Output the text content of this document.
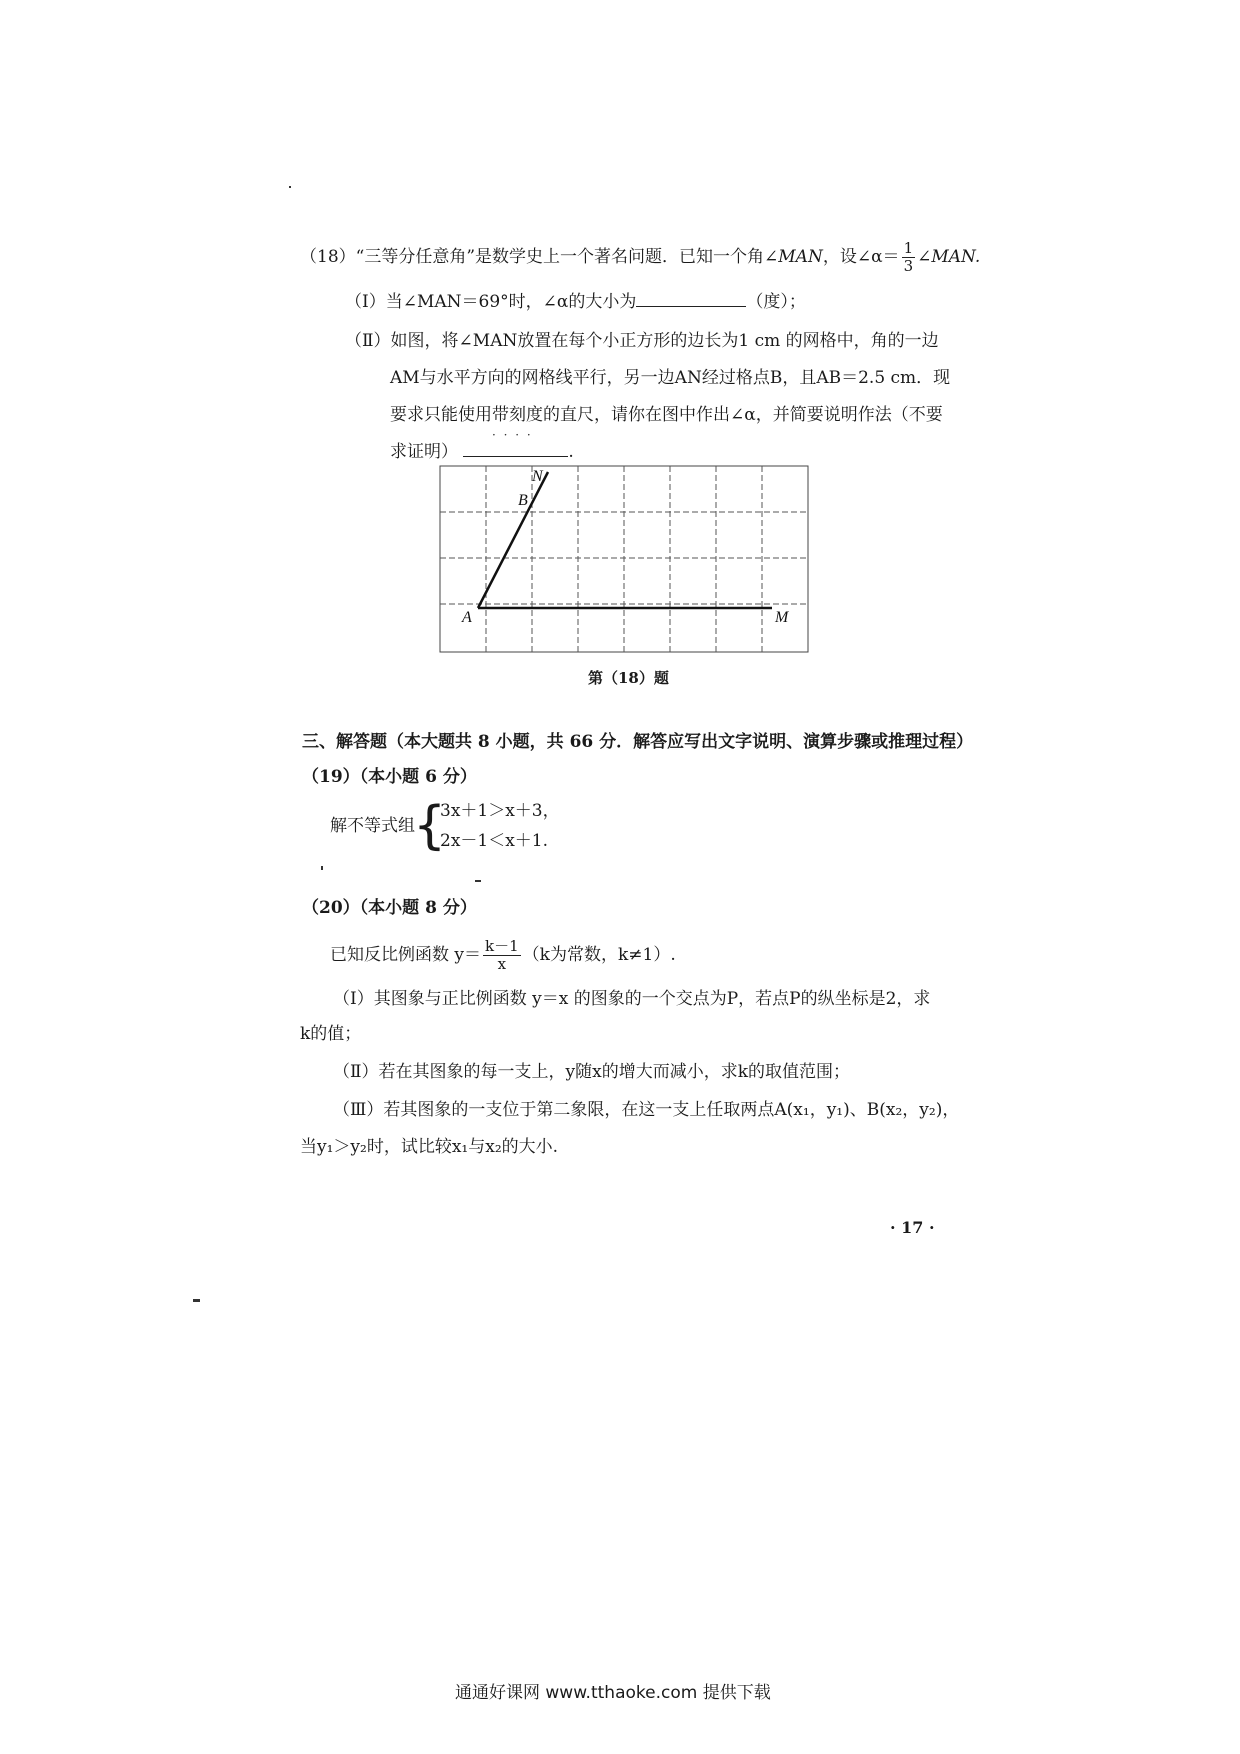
（18）“三等分任意角”是数学史上一个著名问题．已知一个角∠MAN，设∠α＝ $\frac{1}{3}$ ∠MAN.
（Ⅰ）当∠MAN＝69°时，∠α的大小为	（度）；
（Ⅱ）如图，将∠MAN放置在每个小正方形的边长为1 cm 的网格中，角的一边
AM与水平方向的网格线平行，另一边AN经过格点B，且AB＝2.5 cm．现
要求只能使用带刻度 · · · ·的直尺，请你在图中作出∠α，并简要说明作法（不要
求证明）	.
N
B
A	M
第（18）题
三、解答题（本大题共 8 小题，共 66 分．解答应写出文字说明、演算步骤或推理过程）
（19）（本小题 6 分）
解不等式组
{
3x＋1＞x＋3，
2x－1＜x＋1.
（20）（本小题 8 分）
已知反比例函数 $y= \frac{k-1}{x} (k$为常数，k≠1）.
（Ⅰ）其图象与正比例函数 y＝x 的图象的一个交点为P，若点P的纵坐标是2，求
k的值；
（Ⅱ）若在其图象的每一支上，y随x的增大而减小，求k的取值范围；
（Ⅲ）若其图象的一支位于第二象限，在这一支上任取两点A(x₁，y₁)、B(x₂，y₂)，
当y₁＞y₂时，试比较x₁与x₂的大小.
· 17 ·
通通好课网 www.tthaoke.com 提供下载
